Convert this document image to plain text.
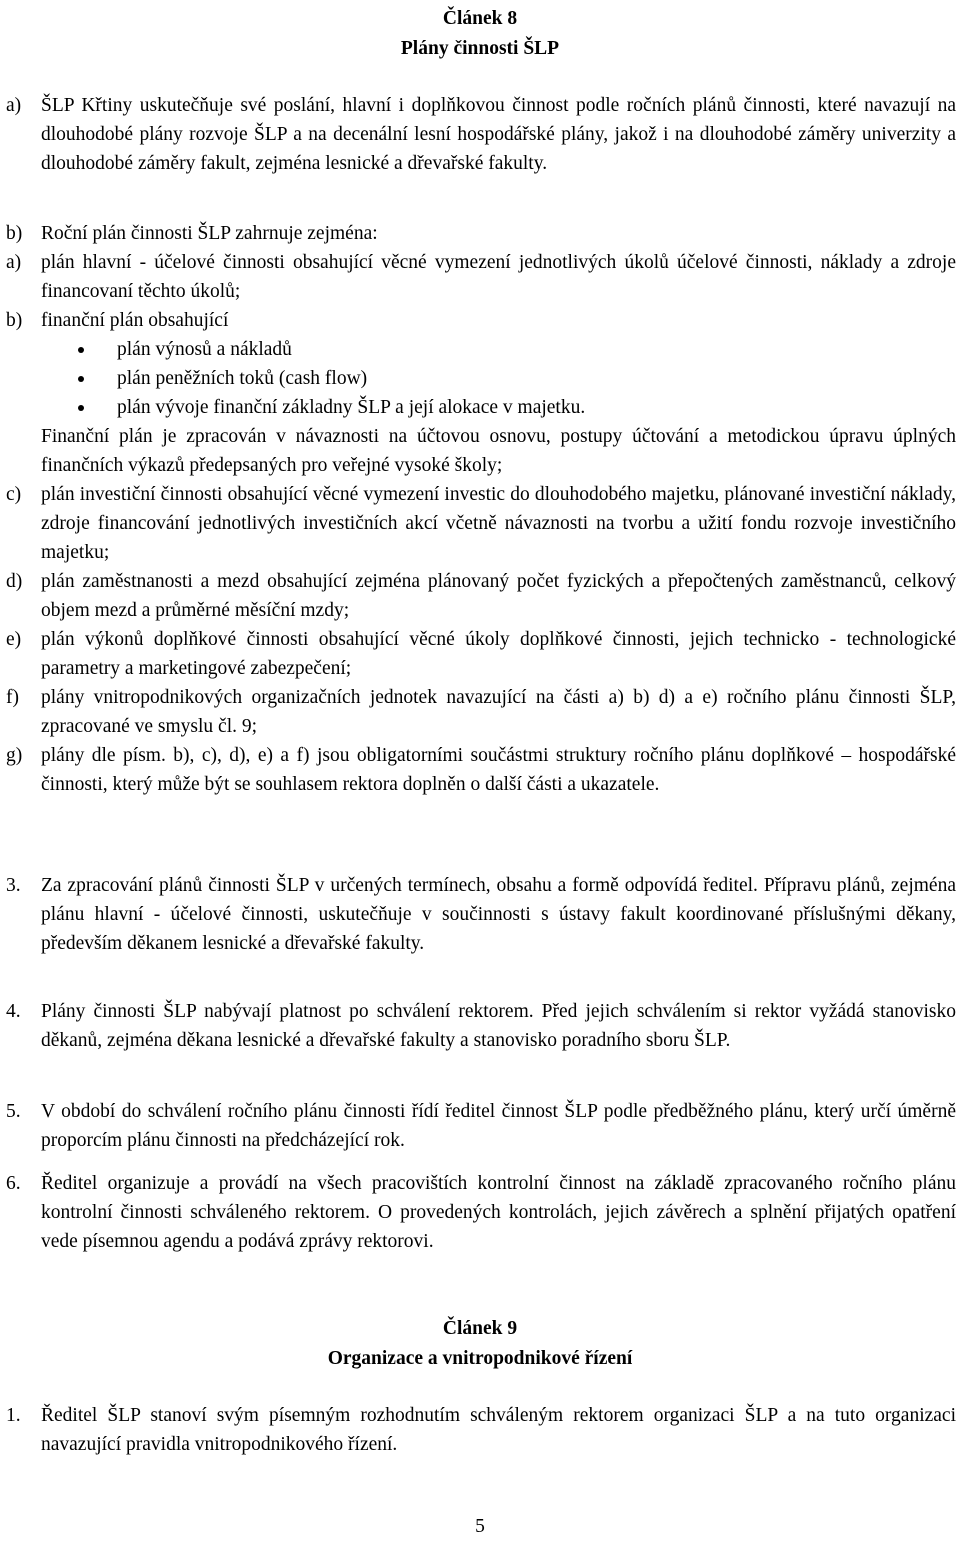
Článek 8

Plány činnosti ŠLP

a) ŠLP Křtiny uskutečňuje své poslání, hlavní i doplňkovou činnost podle ročních plánů činnosti, které navazují na dlouhodobé plány rozvoje ŠLP a na decenální lesní hospodářské plány, jakož i na dlouhodobé záměry univerzity a dlouhodobé záměry fakult, zejména lesnické a dřevařské fakulty.

b) Roční plán činnosti ŠLP zahrnuje zejména:

a) plán hlavní - účelové činnosti obsahující věcné vymezení jednotlivých úkolů účelové činnosti, náklady a zdroje financovaní těchto úkolů;

b) finanční plán obsahující

plán výnosů a nákladů

plán peněžních toků (cash flow)

plán vývoje finanční základny ŠLP a její alokace v majetku.

Finanční plán je zpracován v návaznosti na účtovou osnovu, postupy účtování a metodickou úpravu úplných finančních výkazů předepsaných pro veřejné vysoké školy;

c) plán investiční činnosti obsahující věcné vymezení investic do dlouhodobého majetku, plánované investiční náklady, zdroje financování jednotlivých investičních akcí včetně návaznosti na tvorbu a užití fondu rozvoje investičního majetku;

d) plán zaměstnanosti a mezd obsahující zejména plánovaný počet fyzických a přepočtených zaměstnanců, celkový objem mezd a průměrné měsíční mzdy;

e) plán výkonů doplňkové činnosti obsahující věcné úkoly doplňkové činnosti, jejich technicko - technologické parametry a marketingové zabezpečení;

f) plány vnitropodnikových organizačních jednotek navazující na části a) b) d) a e) ročního plánu činnosti ŠLP, zpracované ve smyslu čl. 9;

g) plány dle písm. b), c), d), e) a f) jsou obligatorními součástmi struktury ročního plánu doplňkové – hospodářské činnosti, který může být se souhlasem rektora doplněn o další části a ukazatele.

3. Za zpracování plánů činnosti ŠLP v určených termínech, obsahu a formě odpovídá ředitel. Přípravu plánů, zejména plánu hlavní - účelové činnosti, uskutečňuje v součinnosti s ústavy fakult koordinované příslušnými děkany, především děkanem lesnické a dřevařské fakulty.

4. Plány činnosti ŠLP nabývají platnost po schválení rektorem. Před jejich schválením si rektor vyžádá stanovisko děkanů, zejména děkana lesnické a dřevařské fakulty a stanovisko poradního sboru ŠLP.

5. V období do schválení ročního plánu činnosti řídí ředitel činnost ŠLP podle předběžného plánu, který určí úměrně proporcím plánu činnosti na předcházející rok.

6. Ředitel organizuje a provádí na všech pracovištích kontrolní činnost na základě zpracovaného ročního plánu kontrolní činnosti schváleného rektorem. O provedených kontrolách, jejich závěrech a splnění přijatých opatření vede písemnou agendu a podává zprávy rektorovi.

Článek 9

Organizace a vnitropodnikové řízení

1. Ředitel ŠLP stanoví svým písemným rozhodnutím schváleným rektorem organizaci ŠLP a na tuto organizaci navazující pravidla vnitropodnikového řízení.

5
